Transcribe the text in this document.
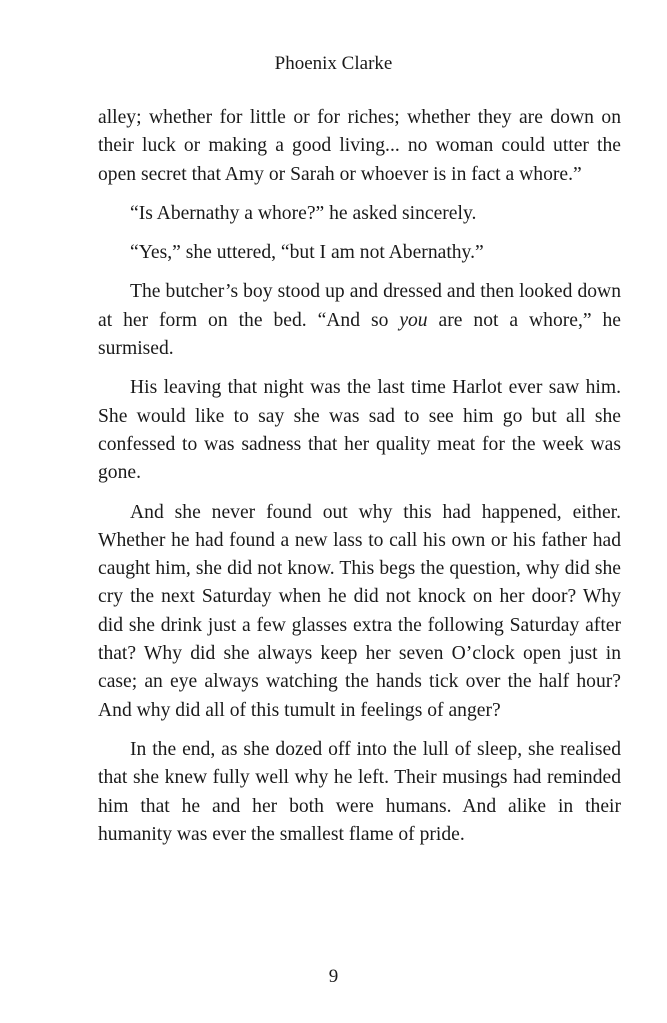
Phoenix Clarke

alley; whether for little or for riches; whether they are down on their luck or making a good living... no woman could utter the open secret that Amy or Sarah or whoever is in fact a whore.”

“Is Abernathy a whore?” he asked sincerely.

“Yes,” she uttered, “but I am not Abernathy.”

The butcher’s boy stood up and dressed and then looked down at her form on the bed. “And so you are not a whore,” he surmised.

His leaving that night was the last time Harlot ever saw him. She would like to say she was sad to see him go but all she confessed to was sadness that her quality meat for the week was gone.

And she never found out why this had happened, either. Whether he had found a new lass to call his own or his father had caught him, she did not know. This begs the question, why did she cry the next Saturday when he did not knock on her door? Why did she drink just a few glasses extra the following Saturday after that? Why did she always keep her seven O’clock open just in case; an eye always watching the hands tick over the half hour? And why did all of this tumult in feelings of anger?

In the end, as she dozed off into the lull of sleep, she realised that she knew fully well why he left. Their musings had reminded him that he and her both were humans. And alike in their humanity was ever the smallest flame of pride.

9
